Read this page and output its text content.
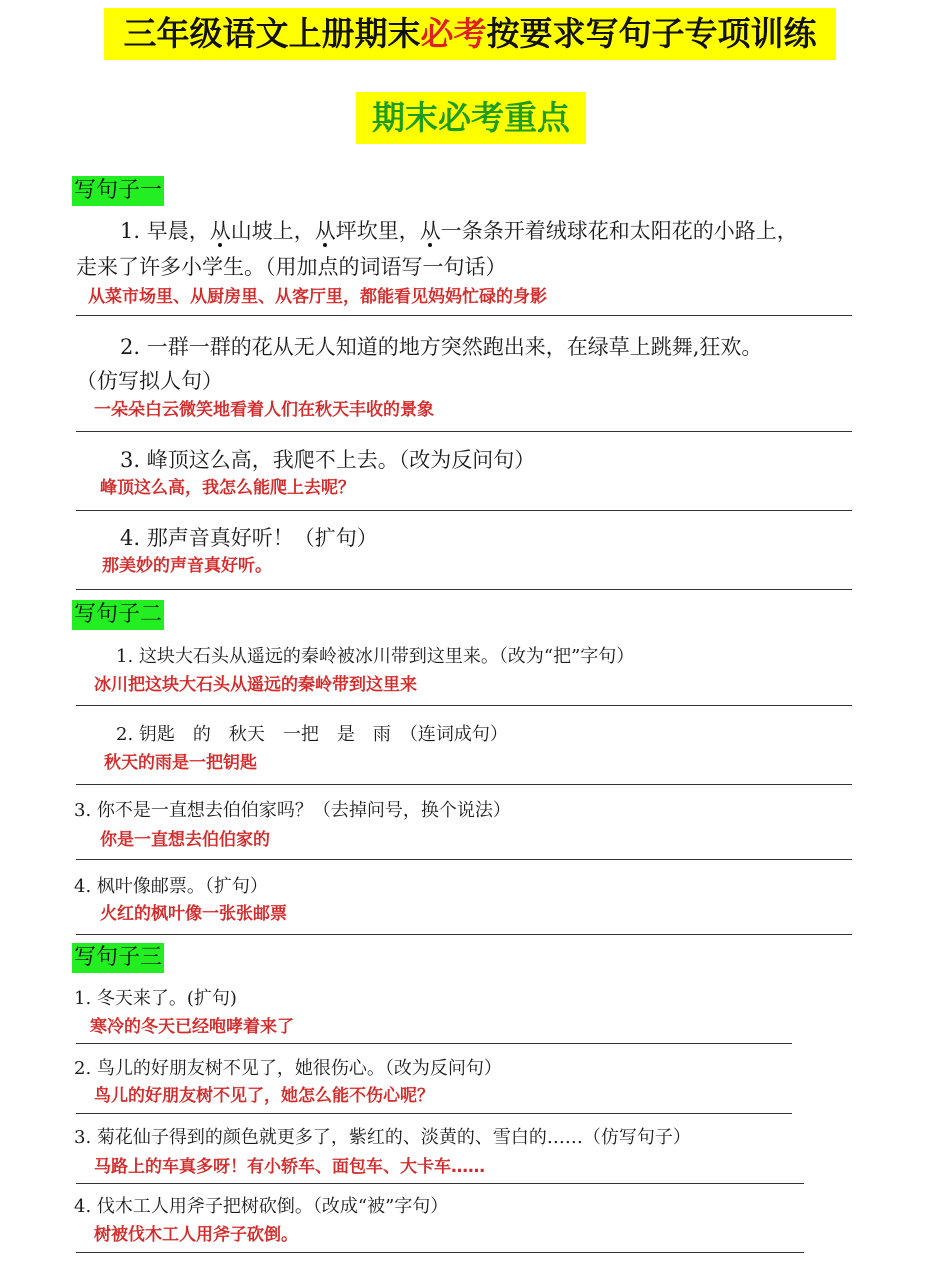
三年级语文上册期末必考按要求写句子专项训练
期末必考重点
写句子一
1. 早晨，从山坡上，从坪坎里，从一条条开着绒球花和太阳花的小路上，
走来了许多小学生。（用加点的词语写一句话）
从菜市场里、从厨房里、从客厅里，都能看见妈妈忙碌的身影
2. 一群一群的花从无人知道的地方突然跑出来，在绿草上跳舞,狂欢。
（仿写拟人句）
一朵朵白云微笑地看着人们在秋天丰收的景象
3. 峰顶这么高，我爬不上去。（改为反问句）
峰顶这么高，我怎么能爬上去呢？
4. 那声音真好听！（扩句）
那美妙的声音真好听。
写句子二
1. 这块大石头从遥远的秦岭被冰川带到这里来。（改为“把”字句）
冰川把这块大石头从遥远的秦岭带到这里来
2. 钥匙　的　秋天　一把　是　雨　（连词成句）
秋天的雨是一把钥匙
3. 你不是一直想去伯伯家吗？（去掉问号，换个说法）
你是一直想去伯伯家的
4. 枫叶像邮票。（扩句）
火红的枫叶像一张张邮票
写句子三
1. 冬天来了。(扩句)
寒冷的冬天已经咆哮着来了
2. 鸟儿的好朋友树不见了，她很伤心。（改为反问句）
鸟儿的好朋友树不见了，她怎么能不伤心呢？
3. 菊花仙子得到的颜色就更多了，紫红的、淡黄的、雪白的……（仿写句子）
马路上的车真多呀！有小轿车、面包车、大卡车……
4. 伐木工人用斧子把树砍倒。（改成“被”字句）
树被伐木工人用斧子砍倒。
